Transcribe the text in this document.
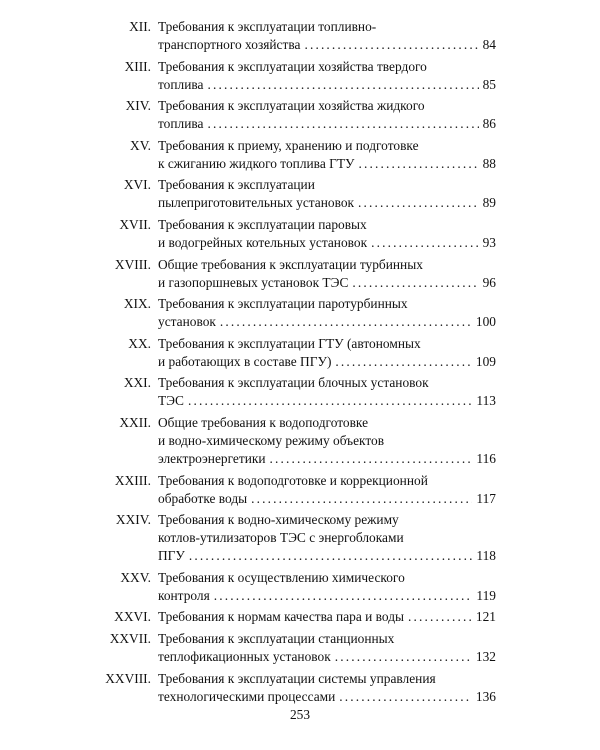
XII. Требования к эксплуатации топливно-
транспортного хозяйства . . .	84
XIII. Требования к эксплуатации хозяйства твердого
топлива . . .	85
XIV. Требования к эксплуатации хозяйства жидкого
топлива . . .	86
XV. Требования к приему, хранению и подготовке
к сжиганию жидкого топлива ГТУ . . .	88
XVI. Требования к эксплуатации
пылеприготовительных установок . . .	89
XVII. Требования к эксплуатации паровых
и водогрейных котельных установок . . .	93
XVIII. Общие требования к эксплуатации турбинных
и газопоршневых установок ТЭС . . .	96
XIX. Требования к эксплуатации паротурбинных
установок . . .	100
XX. Требования к эксплуатации ГТУ (автономных
и работающих в составе ПГУ) . . .	109
XXI. Требования к эксплуатации блочных установок
ТЭС . . .	113
XXII. Общие требования к водоподготовке
и водно-химическому режиму объектов
электроэнергетики . . .	116
XXIII. Требования к водоподготовке и коррекционной
обработке воды . . .	117
XXIV. Требования к водно-химическому режиму
котлов-утилизаторов ТЭС с энергоблоками
ПГУ . . .	118
XXV. Требования к осуществлению химического
контроля . . .	119
XXVI. Требования к нормам качества пара и воды . . .	121
XXVII. Требования к эксплуатации станционных
теплофикационных установок . . .	132
XXVIII. Требования к эксплуатации системы управления
технологическими процессами . . .	136
253
